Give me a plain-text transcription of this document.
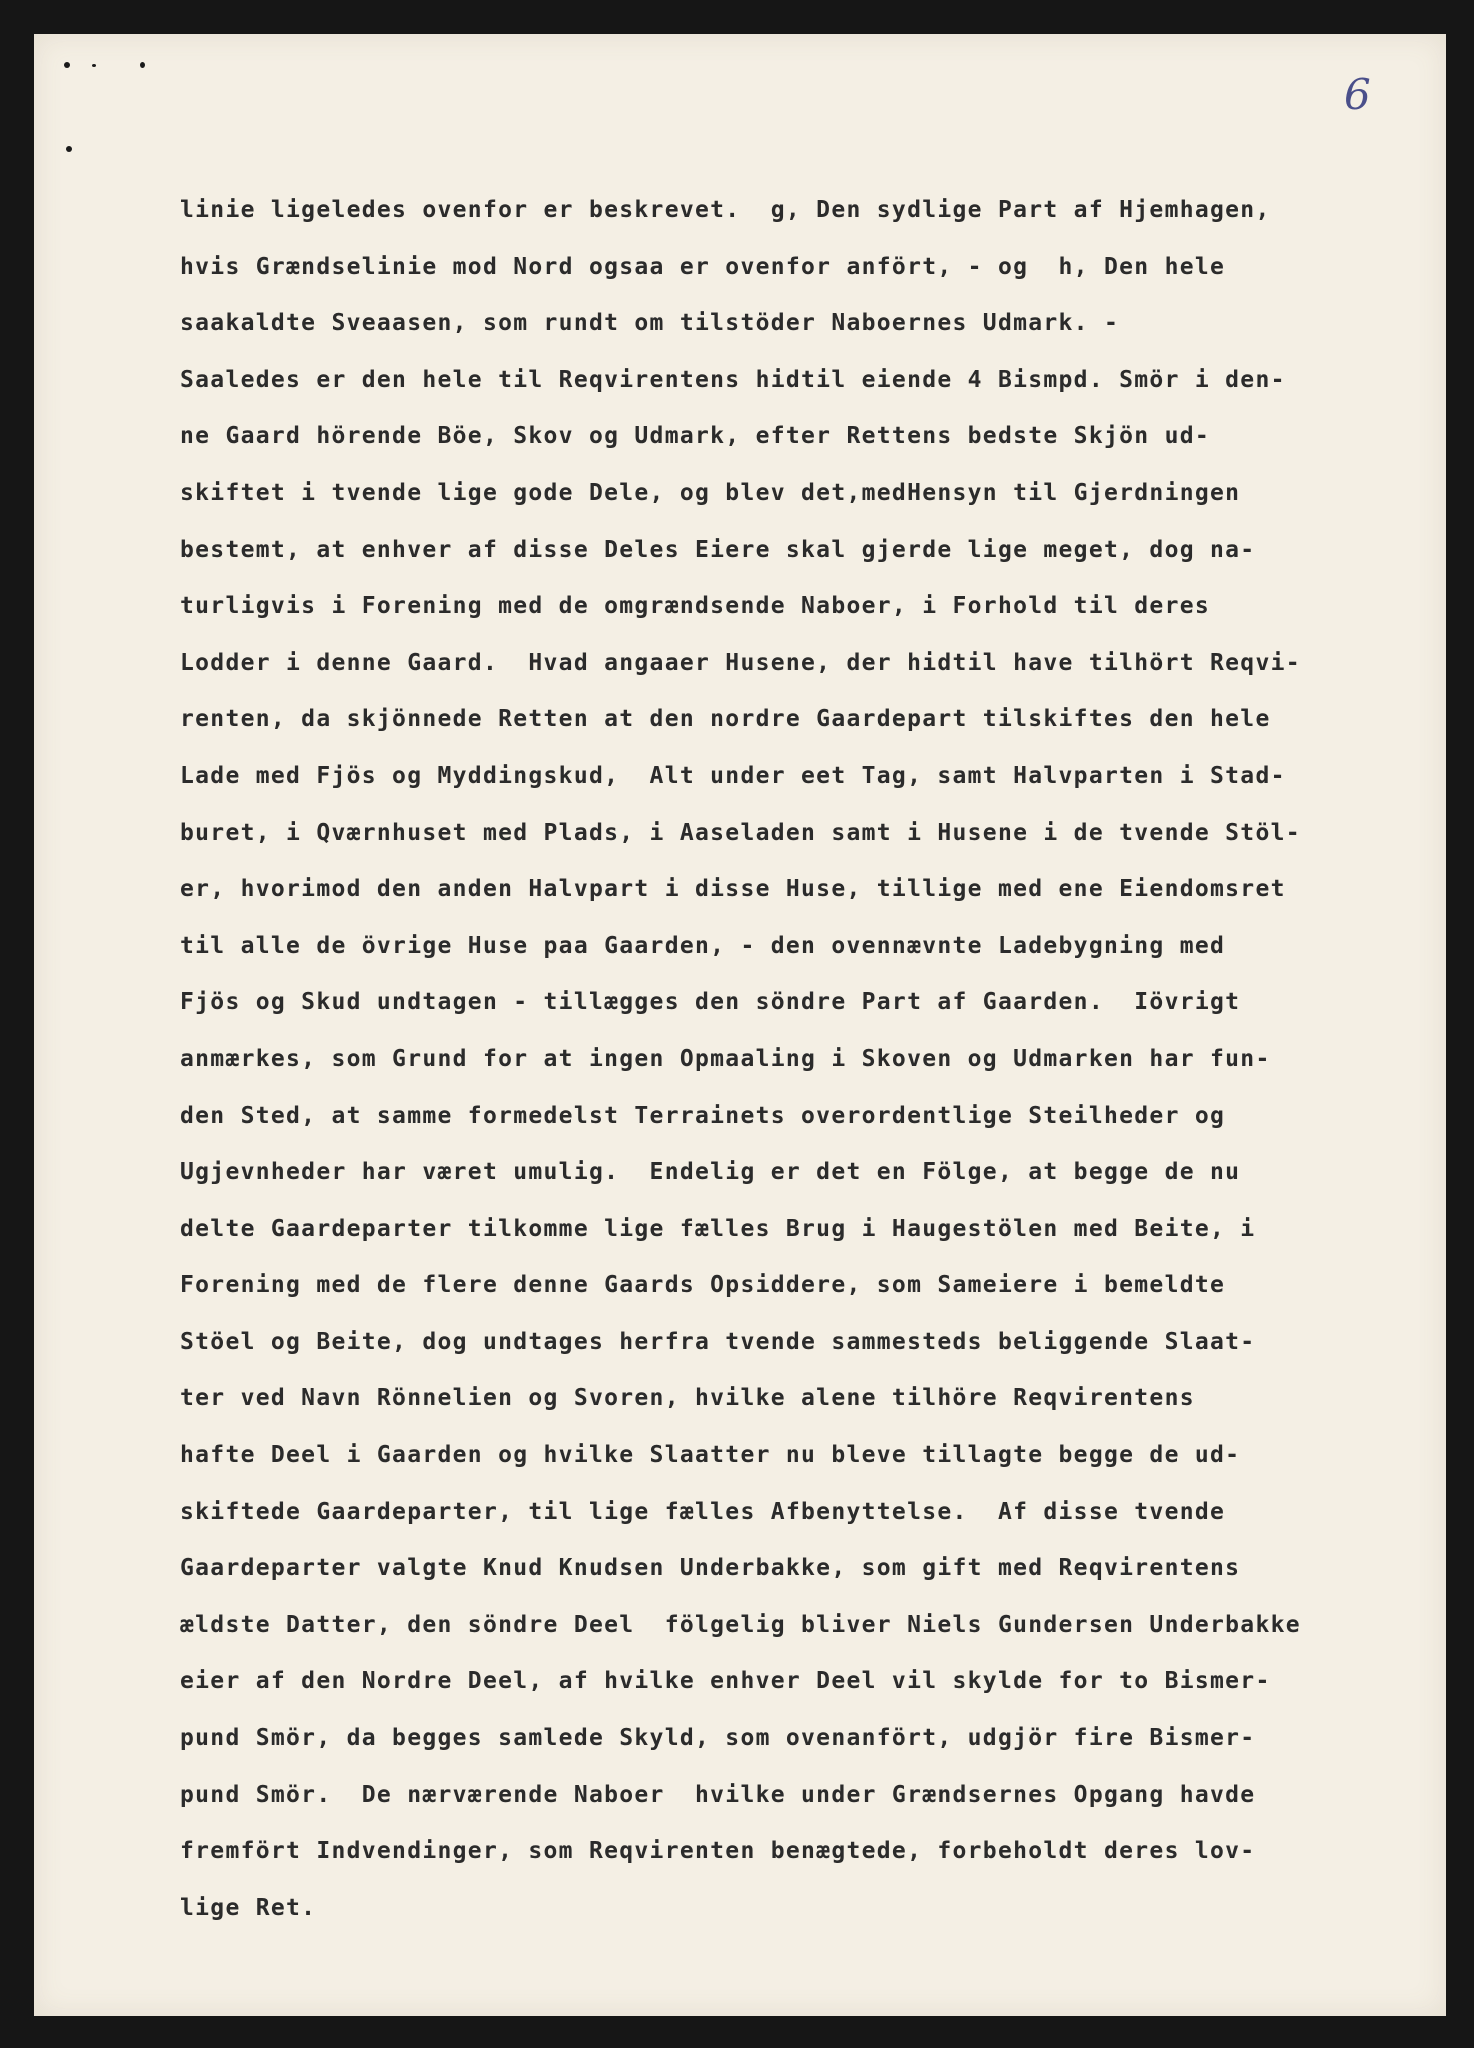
6

linie ligeledes ovenfor er beskrevet.  g, Den sydlige Part af Hjemhagen,
hvis Grændselinie mod Nord ogsaa er ovenfor anfört, - og  h, Den hele
saakaldte Sveaasen, som rundt om tilstöder Naboernes Udmark. -
Saaledes er den hele til Reqvirentens hidtil eiende 4 Bismpd. Smör i den-
ne Gaard hörende Böe, Skov og Udmark, efter Rettens bedste Skjön ud-
skiftet i tvende lige gode Dele, og blev det,medHensyn til Gjerdningen
bestemt, at enhver af disse Deles Eiere skal gjerde lige meget, dog na-
turligvis i Forening med de omgrændsende Naboer, i Forhold til deres
Lodder i denne Gaard.  Hvad angaaer Husene, der hidtil have tilhört Reqvi-
renten, da skjönnede Retten at den nordre Gaardepart tilskiftes den hele
Lade med Fjös og Myddingskud,  Alt under eet Tag, samt Halvparten i Stad-
buret, i Qværnhuset med Plads, i Aaseladen samt i Husene i de tvende Stöl-
er, hvorimod den anden Halvpart i disse Huse, tillige med ene Eiendomsret
til alle de övrige Huse paa Gaarden, - den ovennævnte Ladebygning med
Fjös og Skud undtagen - tillægges den söndre Part af Gaarden.  Iövrigt
anmærkes, som Grund for at ingen Opmaaling i Skoven og Udmarken har fun-
den Sted, at samme formedelst Terrainets overordentlige Steilheder og
Ugjevnheder har været umulig.  Endelig er det en Fölge, at begge de nu
delte Gaardeparter tilkomme lige fælles Brug i Haugestölen med Beite, i
Forening med de flere denne Gaards Opsiddere, som Sameiere i bemeldte
Stöel og Beite, dog undtages herfra tvende sammesteds beliggende Slaat-
ter ved Navn Rönnelien og Svoren, hvilke alene tilhöre Reqvirentens
hafte Deel i Gaarden og hvilke Slaatter nu bleve tillagte begge de ud-
skiftede Gaardeparter, til lige fælles Afbenyttelse.  Af disse tvende
Gaardeparter valgte Knud Knudsen Underbakke, som gift med Reqvirentens
ældste Datter, den söndre Deel  fölgelig bliver Niels Gundersen Underbakke
eier af den Nordre Deel, af hvilke enhver Deel vil skylde for to Bismer-
pund Smör, da begges samlede Skyld, som ovenanfört, udgjör fire Bismer-
pund Smör.  De nærværende Naboer  hvilke under Grændsernes Opgang havde
fremfört Indvendinger, som Reqvirenten benægtede, forbeholdt deres lov-
lige Ret.
